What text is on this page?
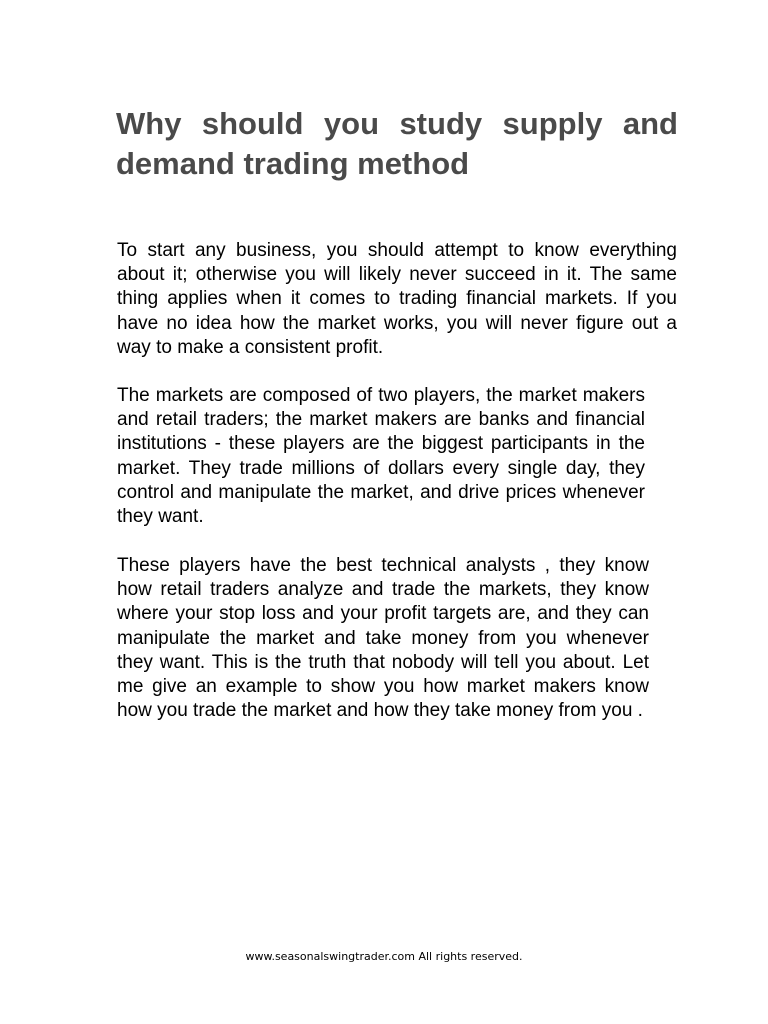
Why should you study supply and demand trading method

To start any business, you should attempt to know everything about it; otherwise you will likely never succeed in it. The same thing applies when it comes to trading financial markets. If you have no idea how the market works, you will never figure out a way to make a consistent profit.

The markets are composed of two players, the market makers and retail traders; the market makers are banks and financial institutions - these players are the biggest participants in the market. They trade millions of dollars every single day, they control and manipulate the market, and drive prices whenever they want.

These players have the best technical analysts , they know how retail traders analyze and trade the markets, they know where your stop loss and your profit targets are, and they can manipulate the market and take money from you whenever they want. This is the truth that nobody will tell you about. Let me give an example to show you how market makers know how you trade the market and how they take money from you .

www.seasonalswingtrader.com All rights reserved.
